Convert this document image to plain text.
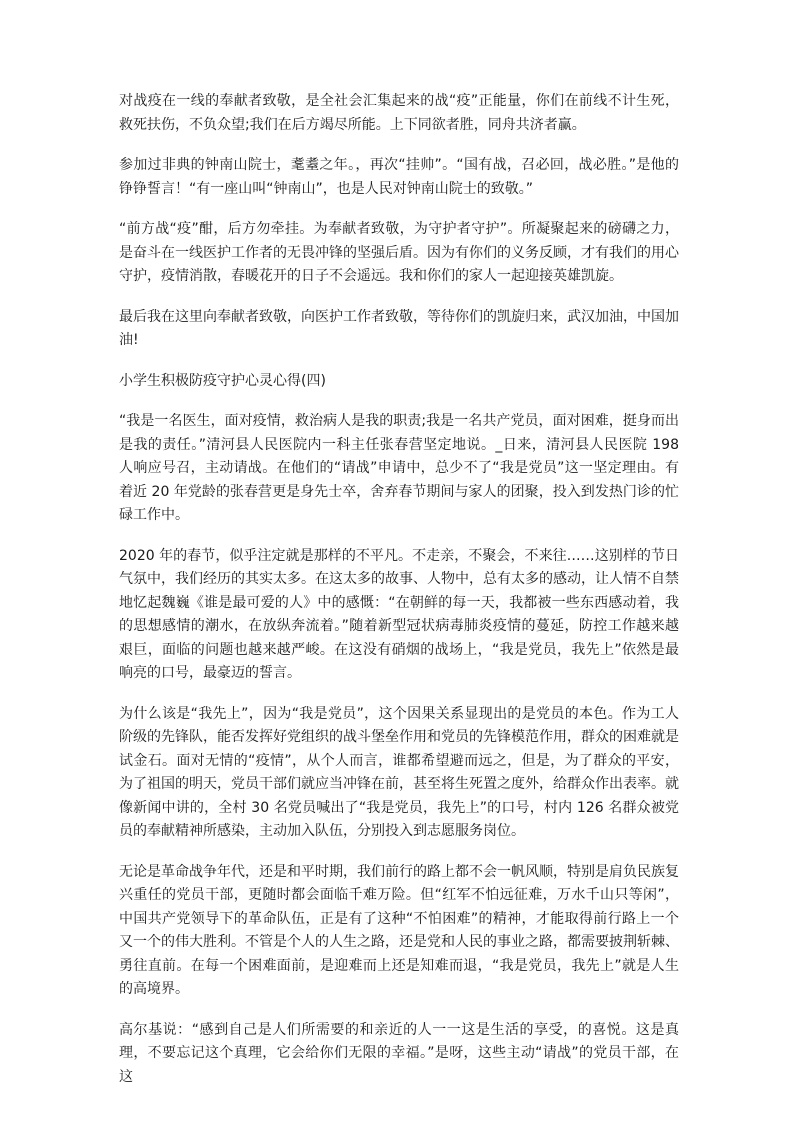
对战疫在一线的奉献者致敬，是全社会汇集起来的战“疫”正能量，你们在前线不计生死，救死扶伤，不负众望;我们在后方竭尽所能。上下同欲者胜，同舟共济者赢。

参加过非典的钟南山院士，耄耋之年。，再次“挂帅”。“国有战，召必回，战必胜。”是他的铮铮誓言！“有一座山叫“钟南山”，也是人民对钟南山院士的致敬。”

“前方战“疫”酣，后方勿牵挂。为奉献者致敬，为守护者守护”。所凝聚起来的磅礴之力，是奋斗在一线医护工作者的无畏冲锋的坚强后盾。因为有你们的义务反顾，才有我们的用心守护，疫情消散，春暖花开的日子不会遥远。我和你们的家人一起迎接英雄凯旋。

最后我在这里向奉献者致敬，向医护工作者致敬，等待你们的凯旋归来，武汉加油，中国加油!

小学生积极防疫守护心灵心得(四)

“我是一名医生，面对疫情，救治病人是我的职责;我是一名共产党员，面对困难，挺身而出是我的责任。”清河县人民医院内一科主任张春营坚定地说。_日来，清河县人民医院 198 人响应号召，主动请战。在他们的“请战”申请中，总少不了“我是党员”这一坚定理由。有着近 20 年党龄的张春营更是身先士卒，舍弃春节期间与家人的团聚，投入到发热门诊的忙碌工作中。

2020 年的春节，似乎注定就是那样的不平凡。不走亲，不聚会，不来往……这别样的节日气氛中，我们经历的其实太多。在这太多的故事、人物中，总有太多的感动，让人情不自禁地忆起魏巍《谁是最可爱的人》中的感慨：“在朝鲜的每一天，我都被一些东西感动着，我的思想感情的潮水，在放纵奔流着。”随着新型冠状病毒肺炎疫情的蔓延，防控工作越来越艰巨，面临的问题也越来越严峻。在这没有硝烟的战场上，“我是党员，我先上”依然是最响亮的口号，最豪迈的誓言。

为什么该是“我先上”，因为“我是党员”，这个因果关系显现出的是党员的本色。作为工人阶级的先锋队，能否发挥好党组织的战斗堡垒作用和党员的先锋模范作用，群众的困难就是试金石。面对无情的“疫情”，从个人而言，谁都希望避而远之，但是，为了群众的平安，为了祖国的明天，党员干部们就应当冲锋在前，甚至将生死置之度外，给群众作出表率。就像新闻中讲的，全村 30 名党员喊出了“我是党员，我先上”的口号，村内 126 名群众被党员的奉献精神所感染，主动加入队伍，分别投入到志愿服务岗位。

无论是革命战争年代，还是和平时期，我们前行的路上都不会一帆风顺，特别是肩负民族复兴重任的党员干部，更随时都会面临千难万险。但“红军不怕远征难，万水千山只等闲”，中国共产党领导下的革命队伍，正是有了这种“不怕困难”的精神，才能取得前行路上一个又一个的伟大胜利。不管是个人的人生之路，还是党和人民的事业之路，都需要披荆斩棘、勇往直前。在每一个困难面前，是迎难而上还是知难而退，“我是党员，我先上”就是人生的高境界。

高尔基说：“感到自己是人们所需要的和亲近的人一一这是生活的享受，的喜悦。这是真理，不要忘记这个真理，它会给你们无限的幸福。”是呀，这些主动“请战”的党员干部，在这
